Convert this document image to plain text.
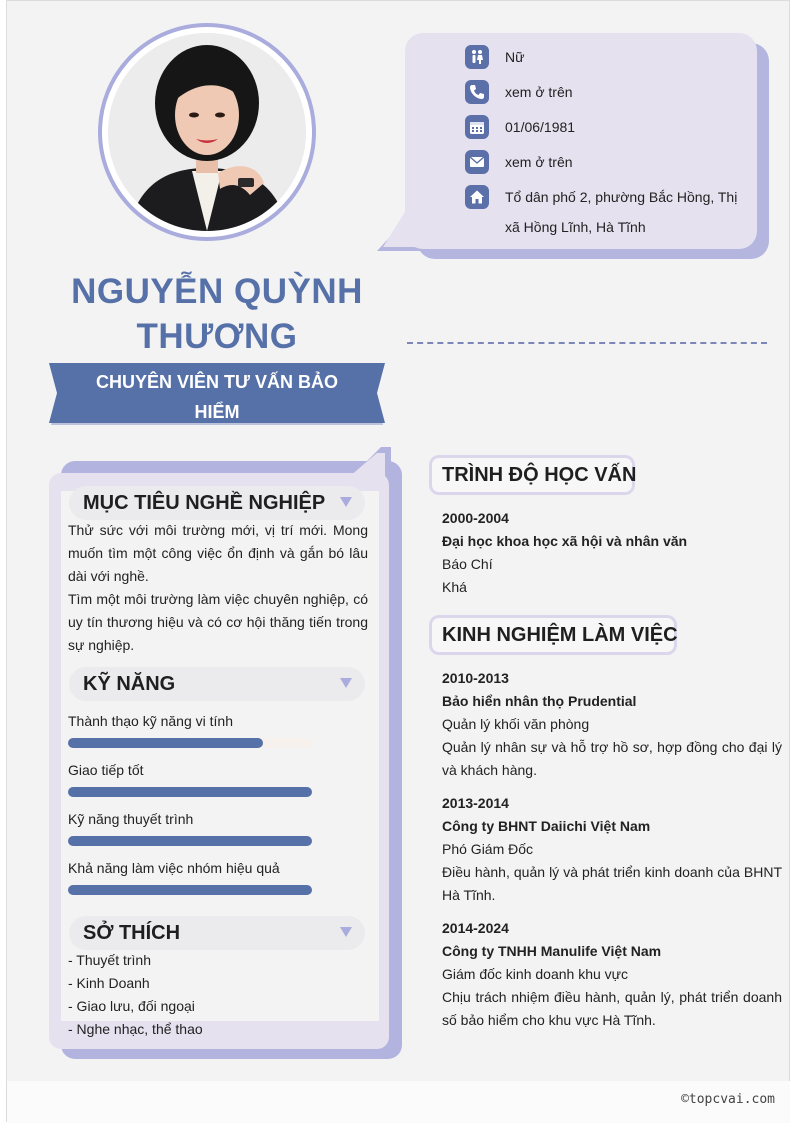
Nữ
xem ở trên
01/06/1981
xem ở trên
Tổ dân phố 2, phường Bắc Hồng, Thị xã Hồng Lĩnh, Hà Tĩnh
NGUYỄN QUỲNH
THƯƠNG
CHUYÊN VIÊN TƯ VẤN BẢO HIỂM
MỤC TIÊU NGHỀ NGHIỆP
Thử sức với môi trường mới, vị trí mới. Mong muốn tìm một công việc ổn định và gắn bó lâu dài với nghề.
Tìm một môi trường làm việc chuyên nghiệp, có uy tín thương hiệu và có cơ hội thăng tiến trong sự nghiệp.
KỸ NĂNG
Thành thạo kỹ năng vi tính
Giao tiếp tốt
Kỹ năng thuyết trình
Khả năng làm việc nhóm hiệu quả
SỞ THÍCH
- Thuyết trình
- Kinh Doanh
- Giao lưu, đối ngoại
- Nghe nhạc, thể thao
TRÌNH ĐỘ HỌC VẤN
2000-2004
Đại học khoa học xã hội và nhân văn
Báo Chí
Khá
KINH NGHIỆM LÀM VIỆC
2010-2013
Bảo hiển nhân thọ Prudential
Quản lý khối văn phòng
Quản lý nhân sự và hỗ trợ hồ sơ, hợp đồng cho đại lý và khách hàng.
2013-2014
Công ty BHNT Daiichi Việt Nam
Phó Giám Đốc
Điều hành, quản lý và phát triển kinh doanh của BHNT Hà Tĩnh.
2014-2024
Công ty TNHH Manulife Việt Nam
Giám đốc kinh doanh khu vực
Chịu trách nhiệm điều hành, quản lý, phát triển doanh số bảo hiểm cho khu vực Hà Tĩnh.
©topcvai.com
